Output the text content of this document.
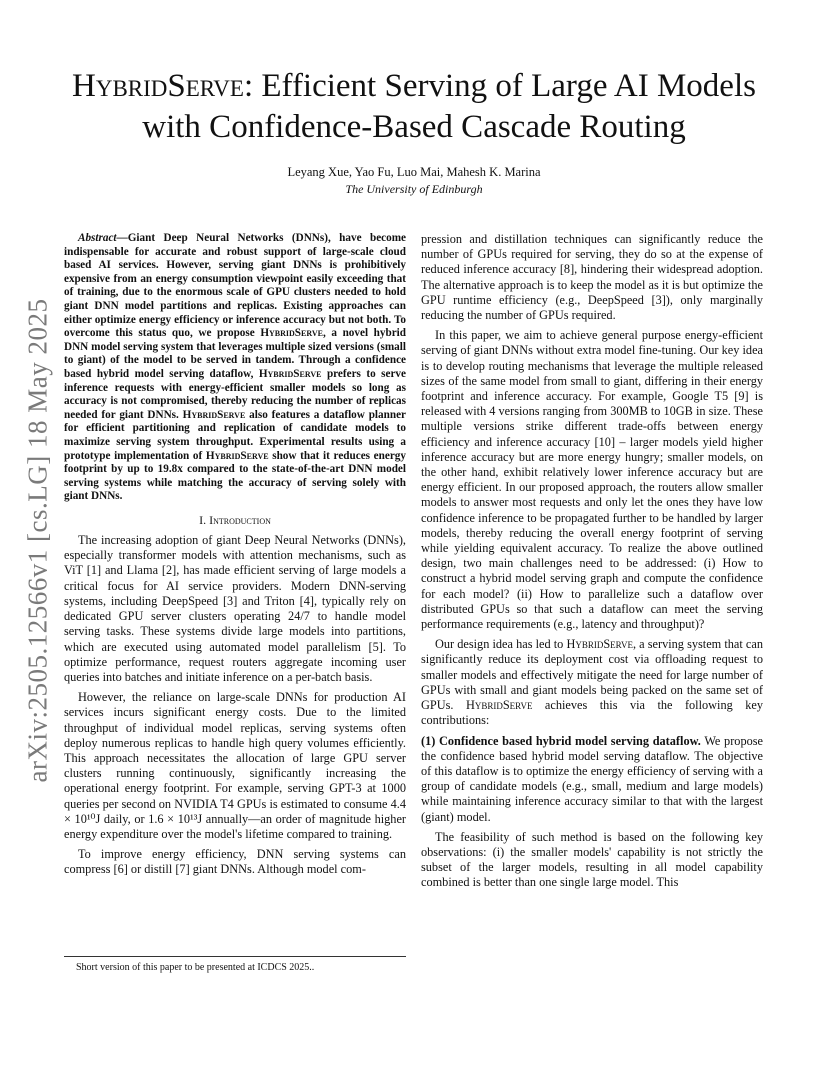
arXiv:2505.12566v1 [cs.LG] 18 May 2025
HybridServe: Efficient Serving of Large AI Models with Confidence-Based Cascade Routing
Leyang Xue, Yao Fu, Luo Mai, Mahesh K. Marina
The University of Edinburgh

Abstract—Giant Deep Neural Networks (DNNs), have become indispensable for accurate and robust support of large-scale cloud based AI services. However, serving giant DNNs is prohibitively expensive from an energy consumption viewpoint easily exceeding that of training, due to the enormous scale of GPU clusters needed to hold giant DNN model partitions and replicas. Existing approaches can either optimize energy efficiency or inference accuracy but not both. To overcome this status quo, we propose HybridServe, a novel hybrid DNN model serving system that leverages multiple sized versions (small to giant) of the model to be served in tandem. Through a confidence based hybrid model serving dataflow, HybridServe prefers to serve inference requests with energy-efficient smaller models so long as accuracy is not compromised, thereby reducing the number of replicas needed for giant DNNs. HybridServe also features a dataflow planner for efficient partitioning and replication of candidate models to maximize serving system throughput. Experimental results using a prototype implementation of HybridServe show that it reduces energy footprint by up to 19.8x compared to the state-of-the-art DNN model serving systems while matching the accuracy of serving solely with giant DNNs.

I. Introduction

The increasing adoption of giant Deep Neural Networks (DNNs), especially transformer models with attention mechanisms, such as ViT [1] and Llama [2], has made efficient serving of large models a critical focus for AI service providers. Modern DNN-serving systems, including DeepSpeed [3] and Triton [4], typically rely on dedicated GPU server clusters operating 24/7 to handle model serving tasks. These systems divide large models into partitions, which are executed using automated model parallelism [5]. To optimize performance, request routers aggregate incoming user queries into batches and initiate inference on a per-batch basis.

However, the reliance on large-scale DNNs for production AI services incurs significant energy costs. Due to the limited throughput of individual model replicas, serving systems often deploy numerous replicas to handle high query volumes efficiently. This approach necessitates the allocation of large GPU server clusters running continuously, significantly increasing the operational energy footprint. For example, serving GPT-3 at 1000 queries per second on NVIDIA T4 GPUs is estimated to consume 4.4 × 10¹⁰J daily, or 1.6 × 10¹³J annually—an order of magnitude higher energy expenditure over the model's lifetime compared to training.

To improve energy efficiency, DNN serving systems can compress [6] or distill [7] giant DNNs. Although model com-

pression and distillation techniques can significantly reduce the number of GPUs required for serving, they do so at the expense of reduced inference accuracy [8], hindering their widespread adoption. The alternative approach is to keep the model as it is but optimize the GPU runtime efficiency (e.g., DeepSpeed [3]), only marginally reducing the number of GPUs required.

In this paper, we aim to achieve general purpose energy-efficient serving of giant DNNs without extra model fine-tuning. Our key idea is to develop routing mechanisms that leverage the multiple released sizes of the same model from small to giant, differing in their energy footprint and inference accuracy. For example, Google T5 [9] is released with 4 versions ranging from 300MB to 10GB in size. These multiple versions strike different trade-offs between energy efficiency and inference accuracy [10] – larger models yield higher inference accuracy but are more energy hungry; smaller models, on the other hand, exhibit relatively lower inference accuracy but are energy efficient. In our proposed approach, the routers allow smaller models to answer most requests and only let the ones they have low confidence inference to be propagated further to be handled by larger models, thereby reducing the overall energy footprint of serving while yielding equivalent accuracy. To realize the above outlined design, two main challenges need to be addressed: (i) How to construct a hybrid model serving graph and compute the confidence for each model? (ii) How to parallelize such a dataflow over distributed GPUs so that such a dataflow can meet the serving performance requirements (e.g., latency and throughput)?

Our design idea has led to HybridServe, a serving system that can significantly reduce its deployment cost via offloading request to smaller models and effectively mitigate the need for large number of GPUs with small and giant models being packed on the same set of GPUs. HybridServe achieves this via the following key contributions:

(1) Confidence based hybrid model serving dataflow. We propose the confidence based hybrid model serving dataflow. The objective of this dataflow is to optimize the energy efficiency of serving with a group of candidate models (e.g., small, medium and large models) while maintaining inference accuracy similar to that with the largest (giant) model.

The feasibility of such method is based on the following key observations: (i) the smaller models' capability is not strictly the subset of the larger models, resulting in all model capability combined is better than one single large model. This

Short version of this paper to be presented at ICDCS 2025..
